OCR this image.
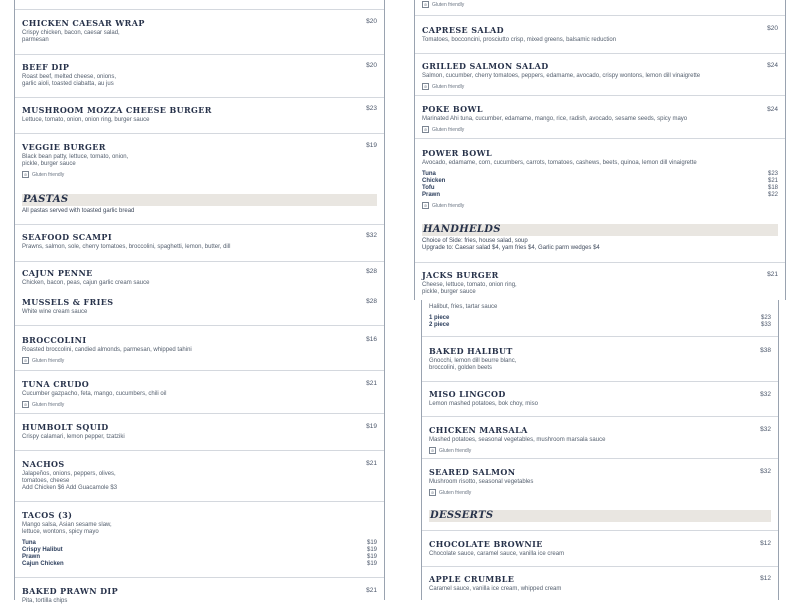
CHICKEN CAESAR WRAP	$20
Crispy chicken, bacon, caesar salad,
parmesan
BEEF DIP	$20
Roast beef, melted cheese, onions,
garlic aioli, toasted ciabatta, au jus
MUSHROOM MOZZA CHEESE BURGER	$23
Lettuce, tomato, onion, onion ring, burger sauce
VEGGIE BURGER	$19
Black bean patty, lettuce, tomato, onion,
pickle, burger sauce
⊘ Gluten friendly
PASTAS
All pastas served with toasted garlic bread
SEAFOOD SCAMPI	$32
Prawns, salmon, sole, cherry tomatoes, broccolini, spaghetti, lemon, butter, dill
CAJUN PENNE	$28
Chicken, bacon, peas, cajun garlic cream sauce
⊘ Gluten friendly
CAPRESE SALAD	$20
Tomatoes, bocconcini, prosciutto crisp, mixed greens, balsamic reduction
GRILLED SALMON SALAD	$24
Salmon, cucumber, cherry tomatoes, peppers, edamame, avocado, crispy wontons, lemon dill vinaigrette
⊘ Gluten friendly
POKE BOWL	$24
Marinated Ahi tuna, cucumber, edamame, mango, rice, radish, avocado, sesame seeds, spicy mayo
⊘ Gluten friendly
POWER BOWL
Avocado, edamame, corn, cucumbers, carrots, tomatoes, cashews, beets, quinoa, lemon dill vinaigrette
Tuna	$23
Chicken	$21
Tofu	$18
Prawn	$22
⊘ Gluten friendly
HANDHELDS
Choice of Side: fries, house salad, soup
Upgrade to: Caesar salad $4, yam fries $4, Garlic parm wedges $4
JACKS BURGER	$21
Cheese, lettuce, tomato, onion ring,
pickle, burger sauce
MUSSELS & FRIES	$28
White wine cream sauce
BROCCOLINI	$16
Roasted broccolini, candied almonds, parmesan, whipped tahini
⊘ Gluten friendly
TUNA CRUDO	$21
Cucumber gazpacho, feta, mango, cucumbers, chili oil
⊘ Gluten friendly
HUMBOLT SQUID	$19
Crispy calamari, lemon pepper, tzatziki
NACHOS	$21
Jalapeños, onions, peppers, olives,
tomatoes, cheese
Add Chicken $6 Add Guacamole $3
TACOS (3)
Mango salsa, Asian sesame slaw,
lettuce, wontons, spicy mayo
Tuna	$19
Crispy Halibut	$19
Prawn	$19
Cajun Chicken	$19
BAKED PRAWN DIP	$21
Pita, tortilla chips
Halibut, fries, tartar sauce
1 piece	$23
2 piece	$33
BAKED HALIBUT	$38
Gnocchi, lemon dill beurre blanc,
broccolini, golden beets
MISO LINGCOD	$32
Lemon mashed potatoes, bok choy, miso
CHICKEN MARSALA	$32
Mashed potatoes, seasonal vegetables, mushroom marsala sauce
⊘ Gluten friendly
SEARED SALMON	$32
Mushroom risotto, seasonal vegetables
⊘ Gluten friendly
DESSERTS
CHOCOLATE BROWNIE	$12
Chocolate sauce, caramel sauce, vanilla ice cream
APPLE CRUMBLE	$12
Caramel sauce, vanilla ice cream, whipped cream
